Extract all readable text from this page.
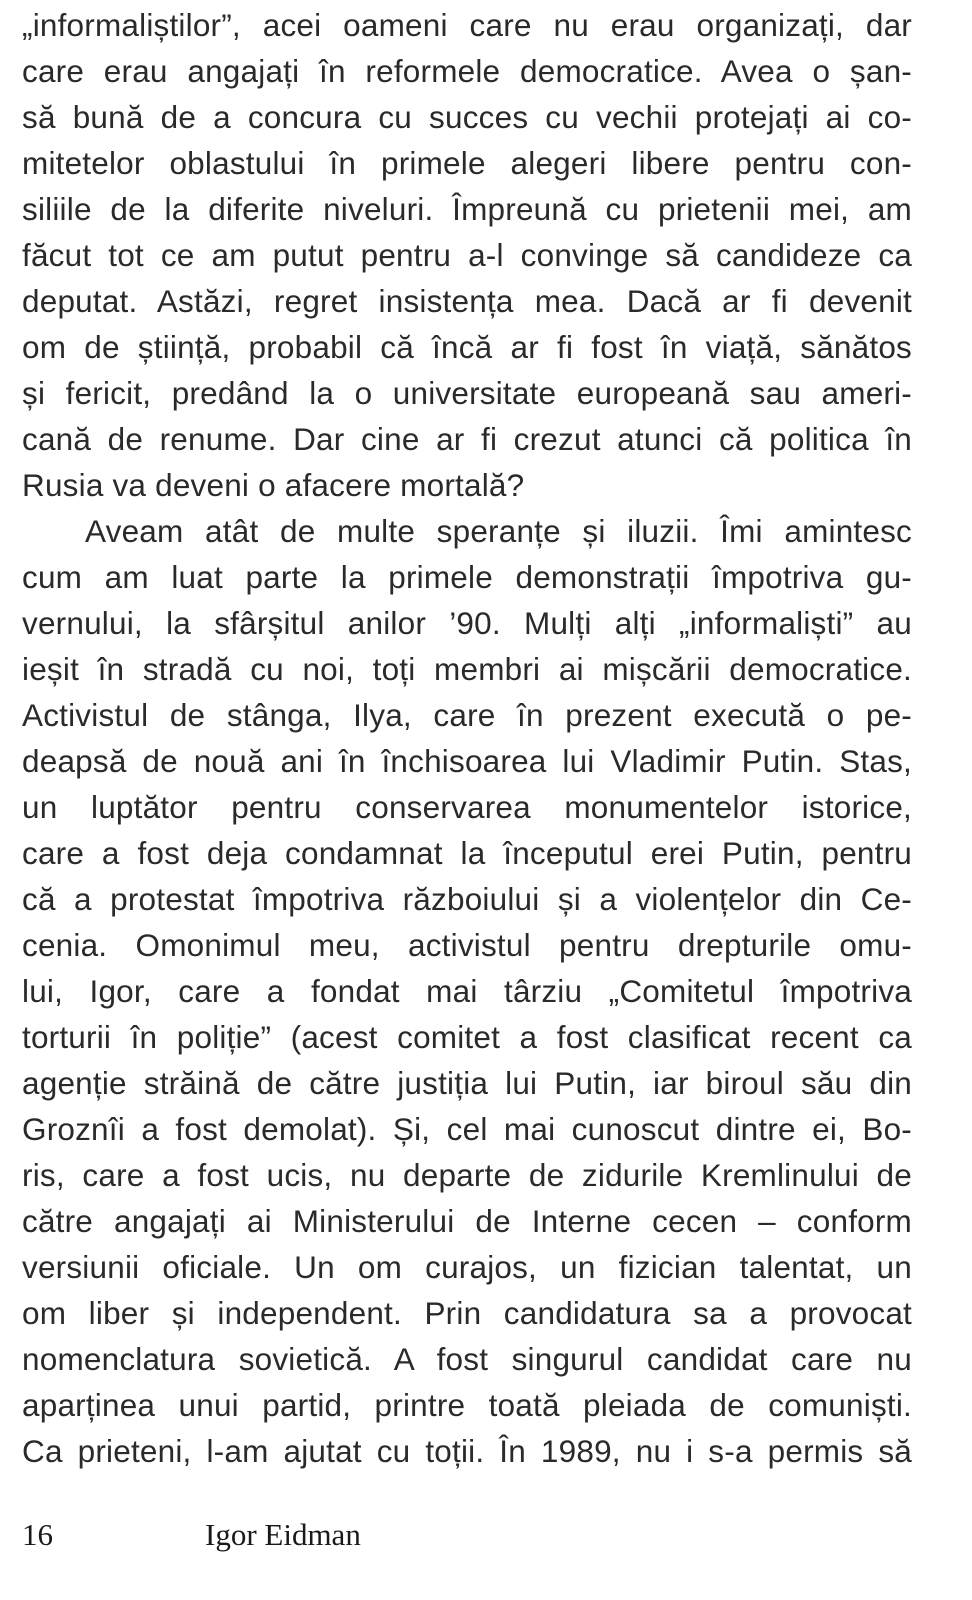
„informaliștilor”, acei oameni care nu erau organizați, dar
care erau angajați în reformele democratice. Avea o șan-
să bună de a concura cu succes cu vechii protejați ai co-
mitetelor oblastului în primele alegeri libere pentru con-
siliile de la diferite niveluri. Împreună cu prietenii mei, am
făcut tot ce am putut pentru a-l convinge să candideze ca
deputat. Astăzi, regret insistența mea. Dacă ar fi devenit
om de știință, probabil că încă ar fi fost în viață, sănătos
și fericit, predând la o universitate europeană sau ameri-
cană de renume. Dar cine ar fi crezut atunci că politica în
Rusia va deveni o afacere mortală?
Aveam atât de multe speranțe și iluzii. Îmi amintesc
cum am luat parte la primele demonstrații împotriva gu-
vernului, la sfârșitul anilor ’90. Mulți alți „informaliști” au
ieșit în stradă cu noi, toți membri ai mișcării democratice.
Activistul de stânga, Ilya, care în prezent execută o pe-
deapsă de nouă ani în închisoarea lui Vladimir Putin. Stas,
un luptător pentru conservarea monumentelor istorice,
care a fost deja condamnat la începutul erei Putin, pentru
că a protestat împotriva războiului și a violențelor din Ce-
cenia. Omonimul meu, activistul pentru drepturile omu-
lui, Igor, care a fondat mai târziu „Comitetul împotriva
torturii în poliție” (acest comitet a fost clasificat recent ca
agenție străină de către justiția lui Putin, iar biroul său din
Groznîi a fost demolat). Și, cel mai cunoscut dintre ei, Bo-
ris, care a fost ucis, nu departe de zidurile Kremlinului de
către angajați ai Ministerului de Interne cecen – conform
versiunii oficiale. Un om curajos, un fizician talentat, un
om liber și independent. Prin candidatura sa a provocat
nomenclatura sovietică. A fost singurul candidat care nu
aparținea unui partid, printre toată pleiada de comuniști.
Ca prieteni, l-am ajutat cu toții. În 1989, nu i s-a permis să
16	Igor Eidman
